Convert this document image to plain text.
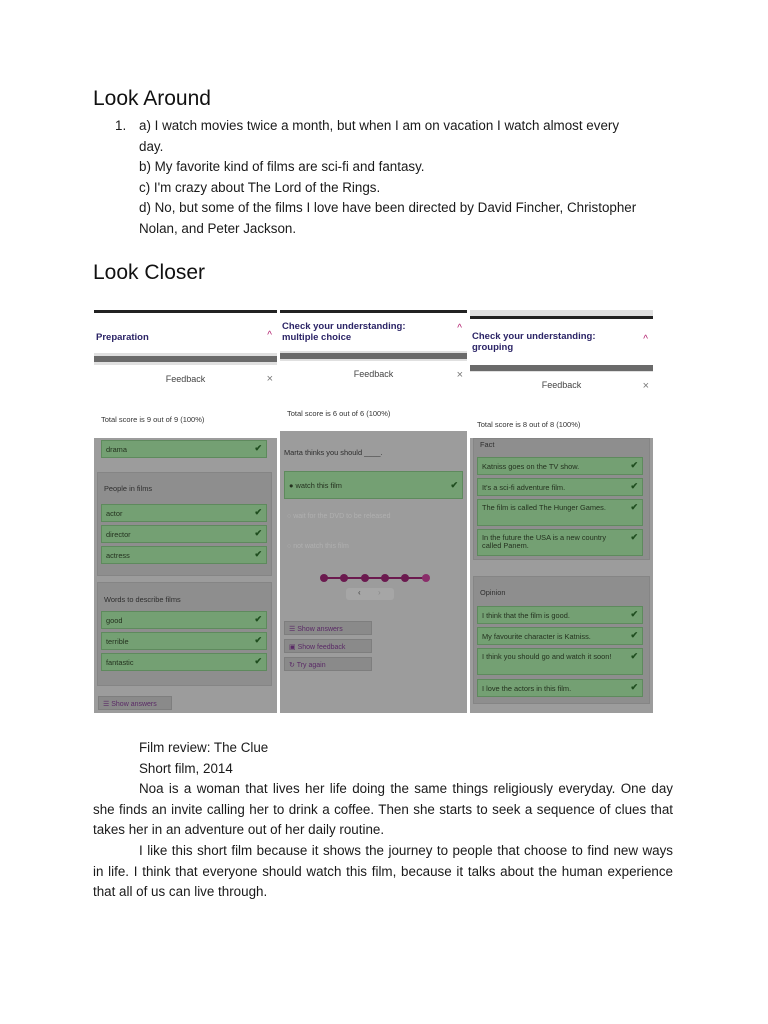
Look Around
1. a) I watch movies twice a month, but when I am on vacation I watch almost every
day.
b) My favorite kind of films are sci-fi and fantasy.
c) I'm crazy about The Lord of the Rings.
d) No, but some of the films I love have been directed by David Fincher, Christopher
Nolan, and Peter Jackson.
Look Closer
Preparation	^
Feedback	×
Total score is 9 out of 9 (100%)
drama	✔
People in films
actor	✔
director	✔
actress	✔
Words to describe films
good	✔
terrible	✔
fantastic	✔
☰ Show answers
Check your understanding:
multiple choice
^
Feedback	×
Total score is 6 out of 6 (100%)
Marta thinks you should ____.
● watch this film	✔
○ wait for the DVD to be released
○ not watch this film
‹ ›
☰ Show answers
▣ Show feedback
↻ Try again
Check your understanding:
grouping
^
Feedback	×
Total score is 8 out of 8 (100%)
Fact
Katniss goes on the TV show.	✔
It's a sci-fi adventure film.	✔
The film is called The Hunger Games.	✔
In the future the USA is a new country called Panem.
✔
Opinion
I think that the film is good.	✔
My favourite character is Katniss.	✔
I think you should go and watch it soon! ✔
I love the actors in this film.	✔

Film review: The Clue

Short film, 2014

Noa is a woman that lives her life doing the same things religiously everyday. One day she finds an invite calling her to drink a coffee. Then she starts to seek a sequence of clues that takes her in an adventure out of her daily routine.

I like this short film because it shows the journey to people that choose to find new ways in life. I think that everyone should watch this film, because it talks about the human experience that all of us can live through.
